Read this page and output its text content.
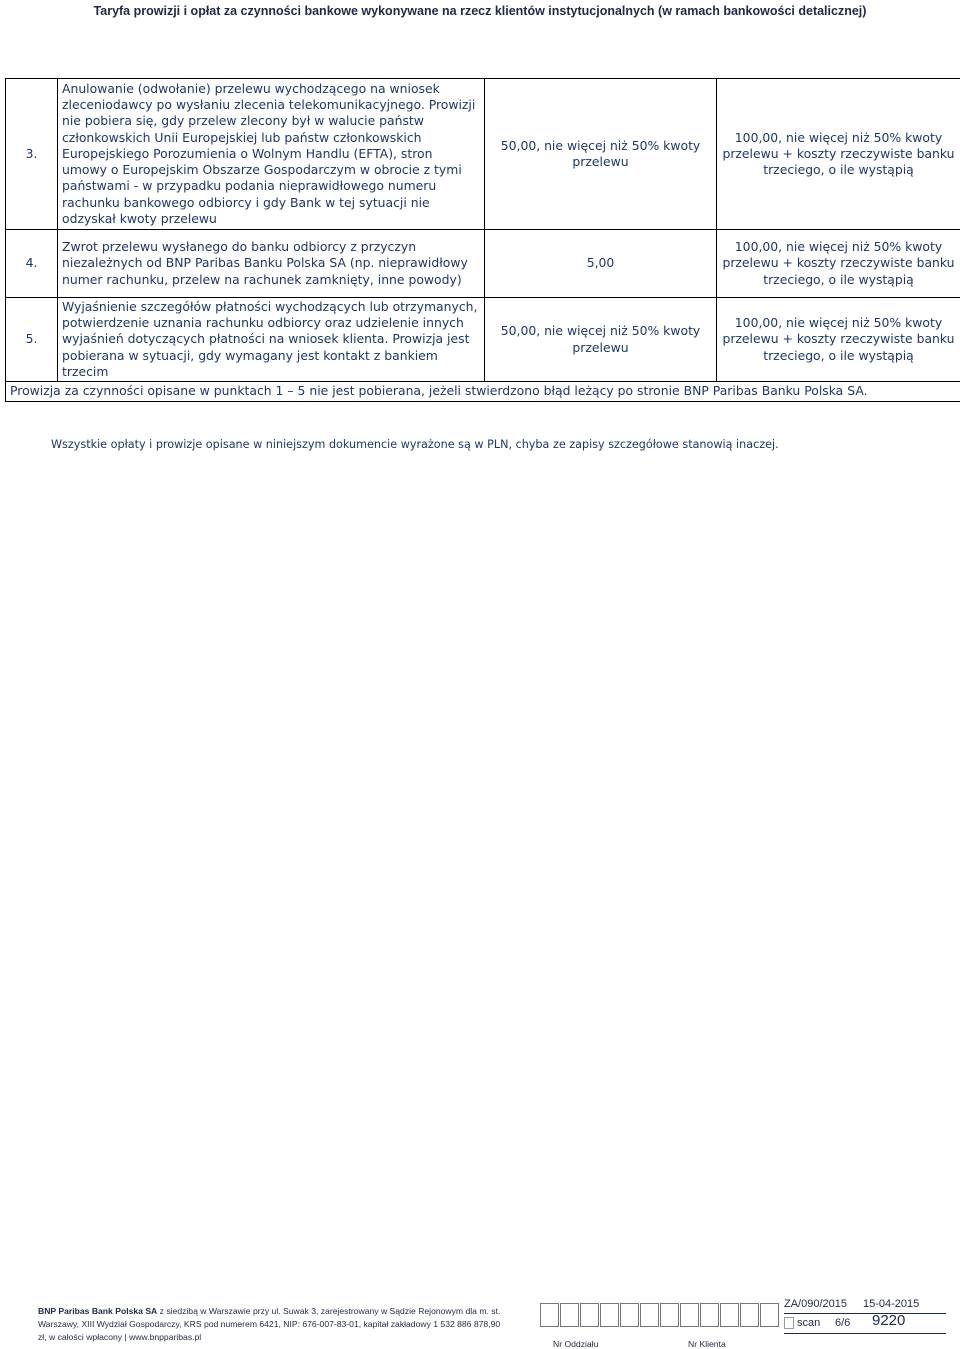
Taryfa prowizji i opłat za czynności bankowe wykonywane na rzecz klientów instytucjonalnych (w ramach bankowości detalicznej)
3.	Anulowanie (odwołanie) przelewu wychodzącego na wniosek zleceniodawcy po wysłaniu zlecenia telekomunikacyjnego. Prowizji nie pobiera się, gdy przelew zlecony był w walucie państw członkowskich Unii Europejskiej lub państw członkowskich Europejskiego Porozumienia o Wolnym Handlu (EFTA), stron umowy o Europejskim Obszarze Gospodarczym w obrocie z tymi państwami - w przypadku podania nieprawidłowego numeru rachunku bankowego odbiorcy i gdy Bank w tej sytuacji nie odzyskał kwoty przelewu	50,00, nie więcej niż 50% kwoty przelewu	100,00, nie więcej niż 50% kwoty przelewu + koszty rzeczywiste banku trzeciego, o ile wystąpią
4.	Zwrot przelewu wysłanego do banku odbiorcy z przyczyn niezależnych od BNP Paribas Banku Polska SA (np. nieprawidłowy numer rachunku, przelew na rachunek zamknięty, inne powody)	5,00	100,00, nie więcej niż 50% kwoty przelewu + koszty rzeczywiste banku trzeciego, o ile wystąpią
5.	Wyjaśnienie szczegółów płatności wychodzących lub otrzymanych, potwierdzenie uznania rachunku odbiorcy oraz udzielenie innych wyjaśnień dotyczących płatności na wniosek klienta. Prowizja jest pobierana w sytuacji, gdy wymagany jest kontakt z bankiem trzecim	50,00, nie więcej niż 50% kwoty przelewu	100,00, nie więcej niż 50% kwoty przelewu + koszty rzeczywiste banku trzeciego, o ile wystąpią
Prowizja za czynności opisane w punktach 1 – 5 nie jest pobierana, jeżeli stwierdzono błąd leżący po stronie BNP Paribas Banku Polska SA.			
Wszystkie opłaty i prowizje opisane w niniejszym dokumencie wyrażone są w PLN, chyba ze zapisy szczegółowe stanowią inaczej.
BNP Paribas Bank Polska SA z siedzibą w Warszawie przy ul. Suwak 3, zarejestrowany w Sądzie Rejonowym dla m. st.
Warszawy, XIII Wydział Gospodarczy, KRS pod numerem 6421, NIP: 676-007-83-01, kapitał zakładowy 1 532 886 878,90
zł, w całości wpłacony | www.bnpparibas.pl
Nr Oddziału	Nr Klienta
ZA/090/2015 15-04-2015
scan 6/6 9220
